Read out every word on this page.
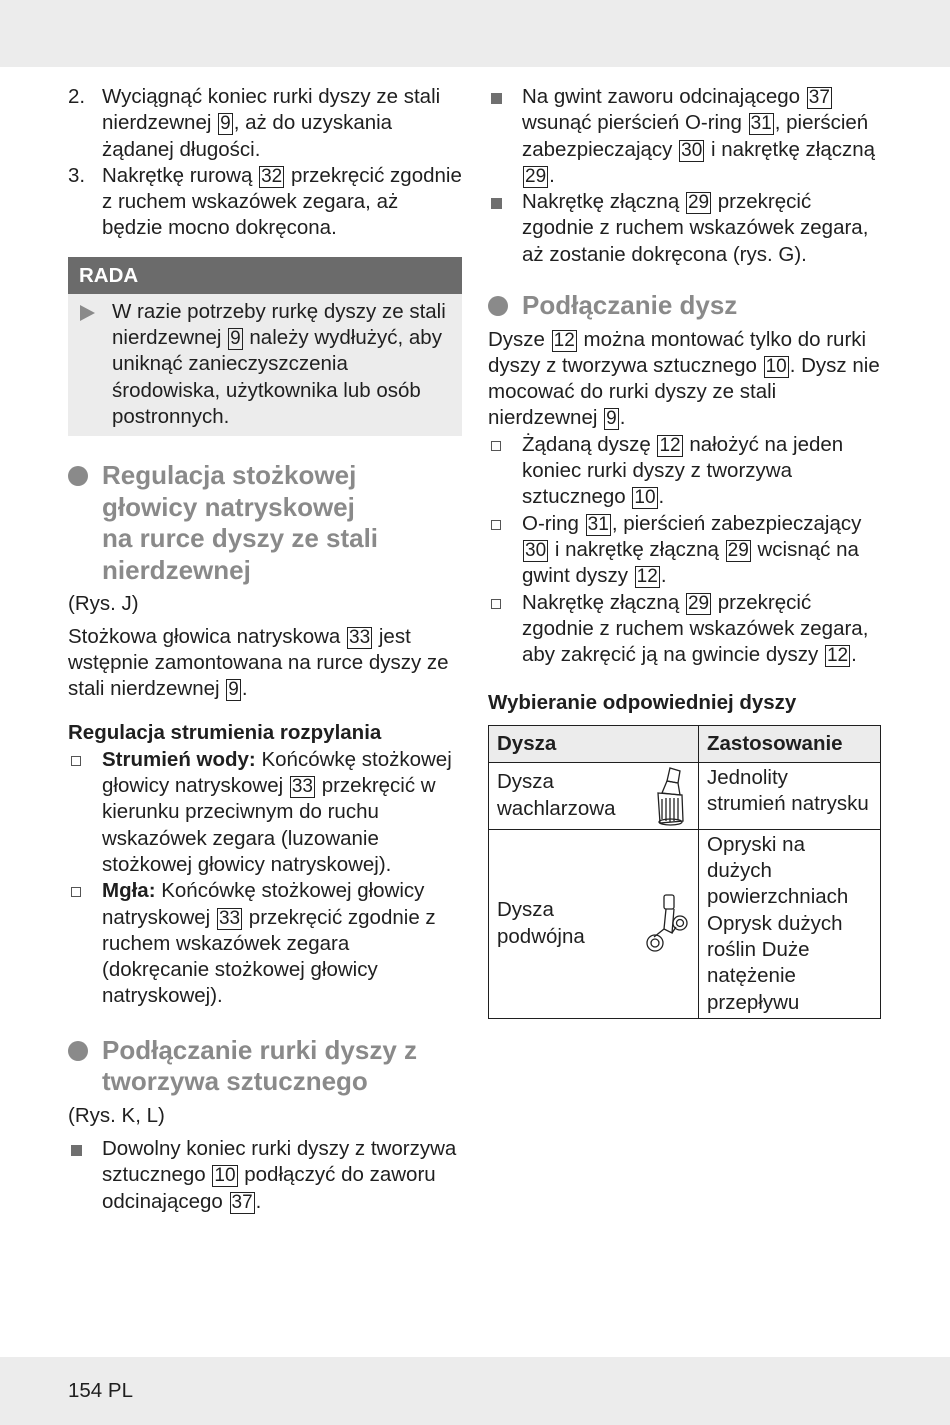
2. Wyciągnąć koniec rurki dyszy ze stali nierdzewnej 9 , aż do uzyskania żądanej długości.

3. Nakrętkę rurową 32 przekręcić zgodnie z ruchem wskazówek zegara, aż będzie mocno dokręcona.

RADA

W razie potrzeby rurkę dyszy ze stali nierdzewnej 9 należy wydłużyć, aby uniknąć zanieczyszczenia środowiska, użytkownika lub osób postronnych.

Regulacja stożkowej
głowicy natryskowej
na rurce dyszy ze stali
nierdzewnej

(Rys. J)

Stożkowa głowica natryskowa 33 jest wstępnie zamontowana na rurce dyszy ze stali nierdzewnej 9 .

Regulacja strumienia rozpylania

Strumień wody: Końcówkę stożkowej głowicy natryskowej 33 przekręcić w kierunku przeciwnym do ruchu wskazówek zegara (luzowanie stożkowej głowicy natryskowej).

Mgła: Końcówkę stożkowej głowicy natryskowej 33 przekręcić zgodnie z ruchem wskazówek zegara (dokręcanie stożkowej głowicy natryskowej).

Podłączanie rurki dyszy z
tworzywa sztucznego

(Rys. K, L)

Dowolny koniec rurki dyszy z tworzywa sztucznego 10 podłączyć do zaworu odcinającego 37 .

Na gwint zaworu odcinającego 37 wsunąć pierścień O-ring 31 , pierścień zabezpieczający 30 i nakrętkę złączną 29 .

Nakrętkę złączną 29 przekręcić zgodnie z ruchem wskazówek zegara, aż zostanie dokręcona (rys. G).

Podłączanie dysz

Dysze 12 można montować tylko do rurki dyszy z tworzywa sztucznego 10 . Dysz nie mocować do rurki dyszy ze stali nierdzewnej 9 .

Żądaną dyszę 12 nałożyć na jeden koniec rurki dyszy z tworzywa sztucznego 10 .

O-ring 31 , pierścień zabezpieczający 30 i nakrętkę złączną 29 wcisnąć na gwint dyszy 12 .

Nakrętkę złączną 29 przekręcić zgodnie z ruchem wskazówek zegara, aby zakręcić ją na gwincie dyszy 12 .

Wybieranie odpowiedniej dyszy

Dysza	Zastosowanie

Dysza wachlarzowa	Jednolity strumień natrysku

Dysza podwójna	Opryski na dużych powierzchniach Oprysk dużych roślin Duże natężenie przepływu
154 PL
